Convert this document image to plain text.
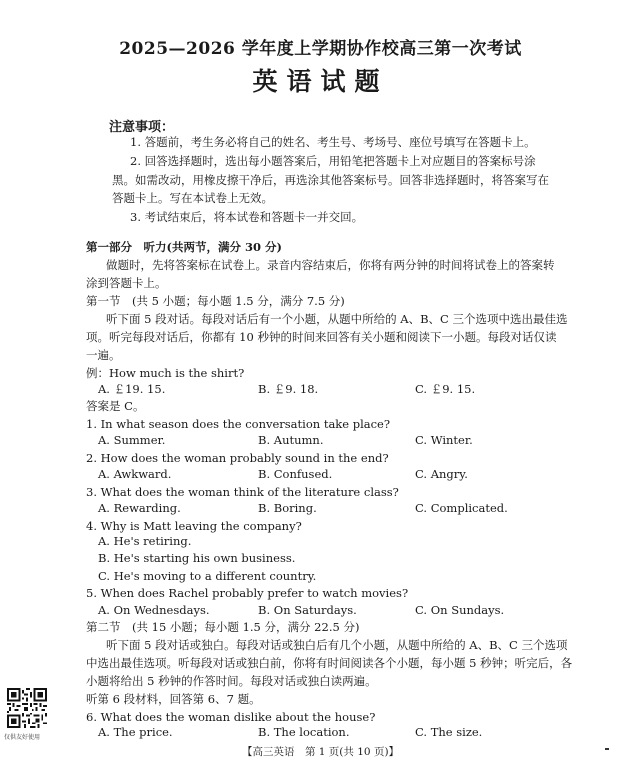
2025—2026 学年度上学期协作校高三第一次考试
英语试题
注意事项：
1. 答题前，考生务必将自己的姓名、考生号、考场号、座位号填写在答题卡上。
2. 回答选择题时，选出每小题答案后，用铅笔把答题卡上对应题目的答案标号涂
黑。如需改动，用橡皮擦干净后，再选涂其他答案标号。回答非选择题时，将答案写在
答题卡上。写在本试卷上无效。
3. 考试结束后，将本试卷和答题卡一并交回。
第一部分　听力(共两节，满分 30 分)
做题时，先将答案标在试卷上。录音内容结束后，你将有两分钟的时间将试卷上的答案转
涂到答题卡上。
第一节　(共 5 小题；每小题 1.5 分，满分 7.5 分)
听下面 5 段对话。每段对话后有一个小题，从题中所给的 A、B、C 三个选项中选出最佳选
项。听完每段对话后，你都有 10 秒钟的时间来回答有关小题和阅读下一小题。每段对话仅读
一遍。
例：How much is the shirt?
A. ￡19. 15.	B. ￡9. 18.	C. ￡9. 15.
答案是 C。
1. In what season does the conversation take place?
A. Summer.	B. Autumn.	C. Winter.
2. How does the woman probably sound in the end?
A. Awkward.	B. Confused.	C. Angry.
3. What does the woman think of the literature class?
A. Rewarding.	B. Boring.	C. Complicated.
4. Why is Matt leaving the company?
A. He's retiring.
B. He's starting his own business.
C. He's moving to a different country.
5. When does Rachel probably prefer to watch movies?
A. On Wednesdays.	B. On Saturdays.	C. On Sundays.
第二节　(共 15 小题；每小题 1.5 分，满分 22.5 分)
听下面 5 段对话或独白。每段对话或独白后有几个小题，从题中所给的 A、B、C 三个选项
中选出最佳选项。听每段对话或独白前，你将有时间阅读各个小题，每小题 5 秒钟；听完后，各
小题将给出 5 秒钟的作答时间。每段对话或独白读两遍。
听第 6 段材料，回答第 6、7 题。
6. What does the woman dislike about the house?
A. The price.	B. The location.	C. The size.
仅供友好使用
【高三英语　第 1 页(共 10 页)】
